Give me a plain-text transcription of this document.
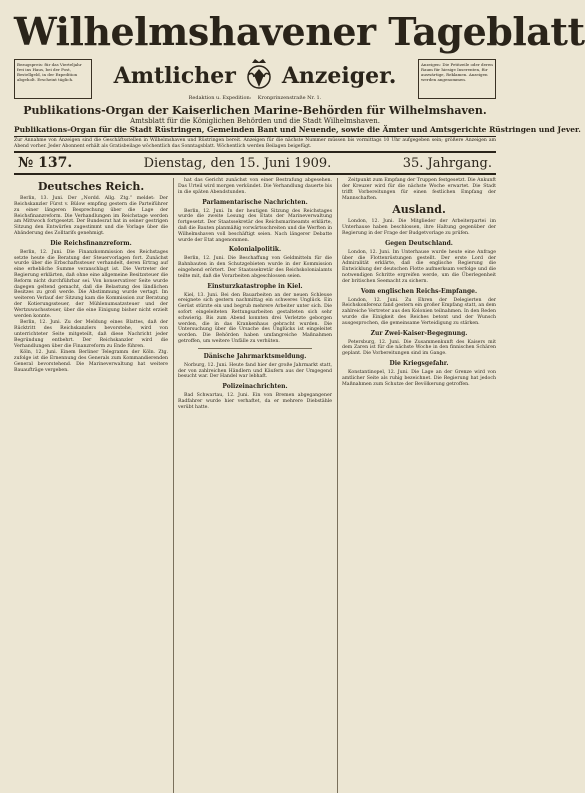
Wilhelmshavener Tageblatt
Bezugspreis: für das Vierteljahr frei ins Haus, bei der Post, Bestellgeld, in der Expedition abgeholt. Erscheint täglich.	Amtlicher Anzeiger.
Redaktion u. Expedition: Kronprinzenstraße Nr. 1.
Anzeigen: Die Petitzeile oder deren Raum für hiesige Inserenten, für auswärtige, Reklamen. Anzeigen werden angenommen.
Publikations-Organ der Kaiserlichen Marine-Behörden für Wilhelmshaven.
Amtsblatt für die Königlichen Behörden und die Stadt Wilhelmshaven.
Publikations-Organ für die Stadt Rüstringen, Gemeinden Bant und Neuende, sowie die Ämter und Amtsgerichte Rüstringen und Jever.
Zur Annahme von Anzeigen sind die Geschäftsstellen in Wilhelmshaven und Rüstringen bereit. Anzeigen für die nächste Nummer müssen bis vormittags 10 Uhr aufgegeben sein; größere Anzeigen am Abend vorher. Jeder Abonnent erhält als Gratisbeilage wöchentlich das Sonntagsblatt. Wöchentlich werden Beilagen beigefügt.
№ 137.	Dienstag, den 15. Juni 1909.	35. Jahrgang.
Deutsches Reich.

Berlin, 13. Juni. Der „Nordd. Allg. Ztg.“ meldet: Der Reichskanzler Fürst v. Bülow empfing gestern die Parteiführer zu einer längeren Besprechung über die Lage der Reichsfinanzreform. Die Verhandlungen im Reichstage werden am Mittwoch fortgesetzt. Der Bundesrat hat in seiner gestrigen Sitzung den Entwürfen zugestimmt und die Vorlage über die Abänderung des Zolltarifs genehmigt.

Die Reichsfinanzreform.

Berlin, 12. Juni. Die Finanzkommission des Reichstages setzte heute die Beratung der Steuervorlagen fort. Zunächst wurde über die Erbschaftssteuer verhandelt, deren Ertrag auf eine erhebliche Summe veranschlagt ist. Die Vertreter der Regierung erklärten, daß ohne eine allgemeine Besitzsteuer die Reform nicht durchführbar sei. Von konservativer Seite wurde dagegen geltend gemacht, daß die Belastung des ländlichen Besitzes zu groß werde. Die Abstimmung wurde vertagt. Im weiteren Verlauf der Sitzung kam die Kommission zur Beratung der Kotierungssteuer, der Mühlenumsatzsteuer und der Wertzuwachssteuer, über die eine Einigung bisher nicht erzielt werden konnte.

Berlin, 12. Juni. Zu der Meldung eines Blattes, daß der Rücktritt des Reichskanzlers bevorstehe, wird von unterrichteter Seite mitgeteilt, daß diese Nachricht jeder Begründung entbehrt. Der Reichskanzler wird die Verhandlungen über die Finanzreform zu Ende führen.

Köln, 12. Juni. Einem Berliner Telegramm der Köln. Ztg. zufolge ist die Ernennung des Generals zum Kommandierenden General bevorstehend. Die Marineverwaltung hat weitere Bauaufträge vergeben.

hat das Gericht zunächst von einer Bestrafung abgesehen. Das Urteil wird morgen verkündet. Die Verhandlung dauerte bis in die späten Abendstunden.

Parlamentarische Nachrichten.

Berlin, 12. Juni. In der heutigen Sitzung des Reichstages wurde die zweite Lesung des Etats der Marineverwaltung fortgesetzt. Der Staatssekretär des Reichsmarineamts erklärte, daß die Bauten planmäßig vorwärtsschreiten und die Werften in Wilhelmshaven voll beschäftigt seien. Nach längerer Debatte wurde der Etat angenommen.

Kolonialpolitik.

Berlin, 12. Juni. Die Beschaffung von Geldmitteln für die Bahnbauten in den Schutzgebieten wurde in der Kommission eingehend erörtert. Der Staatssekretär des Reichskolonialamts teilte mit, daß die Vorarbeiten abgeschlossen seien.

Einsturzkatastrophe in Kiel.

Kiel, 13. Juni. Bei den Bauarbeiten an der neuen Schleuse ereignete sich gestern nachmittag ein schweres Unglück. Ein Gerüst stürzte ein und begrub mehrere Arbeiter unter sich. Die sofort eingeleiteten Rettungsarbeiten gestalteten sich sehr schwierig. Bis zum Abend konnten drei Verletzte geborgen werden, die in das Krankenhaus gebracht wurden. Die Untersuchung über die Ursache des Unglücks ist eingeleitet worden. Die Behörden haben umfangreiche Maßnahmen getroffen, um weitere Unfälle zu verhüten.

Dänische Jahrmarktsmeldung.

Norburg, 12. Juni. Heute fand hier der große Jahrmarkt statt, der von zahlreichen Händlern und Käufern aus der Umgegend besucht war. Der Handel war lebhaft.

Polizeinachrichten.

Bad Schwartau, 12. Juni. Ein von Bremen abgegangener Radfahrer wurde hier verhaftet, da er mehrere Diebstähle verübt hatte.

Zeitpunkt zum Empfang der Truppen festgesetzt. Die Ankunft der Kreuzer wird für die nächste Woche erwartet. Die Stadt trifft Vorbereitungen für einen festlichen Empfang der Mannschaften.

Ausland.

London, 12. Juni. Die Mitglieder der Arbeiterpartei im Unterhause haben beschlossen, ihre Haltung gegenüber der Regierung in der Frage der Budgetvorlage zu prüfen.

Gegen Deutschland.

London, 12. Juni. Im Unterhause wurde heute eine Anfrage über die Flottenrüstungen gestellt. Der erste Lord der Admiralität erklärte, daß die englische Regierung die Entwicklung der deutschen Flotte aufmerksam verfolge und die notwendigen Schritte ergreifen werde, um die Überlegenheit der britischen Seemacht zu sichern.

Vom englischen Reichs-Empfange.

London, 12. Juni. Zu Ehren der Delegierten der Reichskonferenz fand gestern ein großer Empfang statt, an dem zahlreiche Vertreter aus den Kolonien teilnahmen. In den Reden wurde die Einigkeit des Reiches betont und der Wunsch ausgesprochen, die gemeinsame Verteidigung zu stärken.

Zur Zwei-Kaiser-Begegnung.

Petersburg, 12. Juni. Die Zusammenkunft des Kaisers mit dem Zaren ist für die nächste Woche in den finnischen Schären geplant. Die Vorbereitungen sind im Gange.

Die Kriegsgefahr.

Konstantinopel, 12. Juni. Die Lage an der Grenze wird von amtlicher Seite als ruhig bezeichnet. Die Regierung hat jedoch Maßnahmen zum Schutze der Bevölkerung getroffen.
